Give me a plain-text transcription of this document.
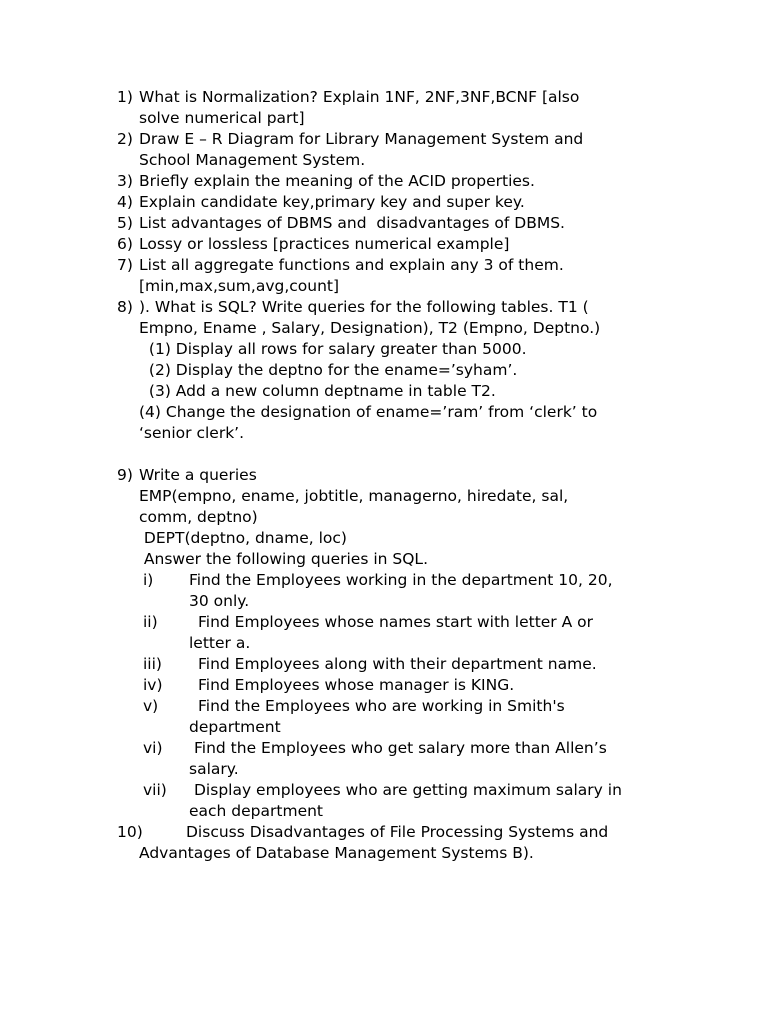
1) What is Normalization? Explain 1NF, 2NF,3NF,BCNF [also
solve numerical part]
2) Draw E – R Diagram for Library Management System and
School Management System.
3) Briefly explain the meaning of the ACID properties.
4) Explain candidate key,primary key and super key.
5) List advantages of DBMS and  disadvantages of DBMS.
6) Lossy or lossless [practices numerical example]
7) List all aggregate functions and explain any 3 of them.
[min,max,sum,avg,count]
8) ). What is SQL? Write queries for the following tables. T1 (
Empno, Ename , Salary, Designation), T2 (Empno, Deptno.)
(1) Display all rows for salary greater than 5000.
(2) Display the deptno for the ename=’syham’.
(3) Add a new column deptname in table T2.
(4) Change the designation of ename=’ram’ from ‘clerk’ to
‘senior clerk’.
9) Write a queries
EMP(empno, ename, jobtitle, managerno, hiredate, sal,
comm, deptno)
DEPT(deptno, dname, loc)
Answer the following queries in SQL.
i) Find the Employees working in the department 10, 20,
30 only.
ii)	Find Employees whose names start with letter A or
letter a.
iii)	Find Employees along with their department name.
iv)	Find Employees whose manager is KING.
v)	Find the Employees who are working in Smith's
department
vi)	Find the Employees who get salary more than Allen’s
salary.
vii)	Display employees who are getting maximum salary in
each department
10)	Discuss Disadvantages of File Processing Systems and
Advantages of Database Management Systems B).
